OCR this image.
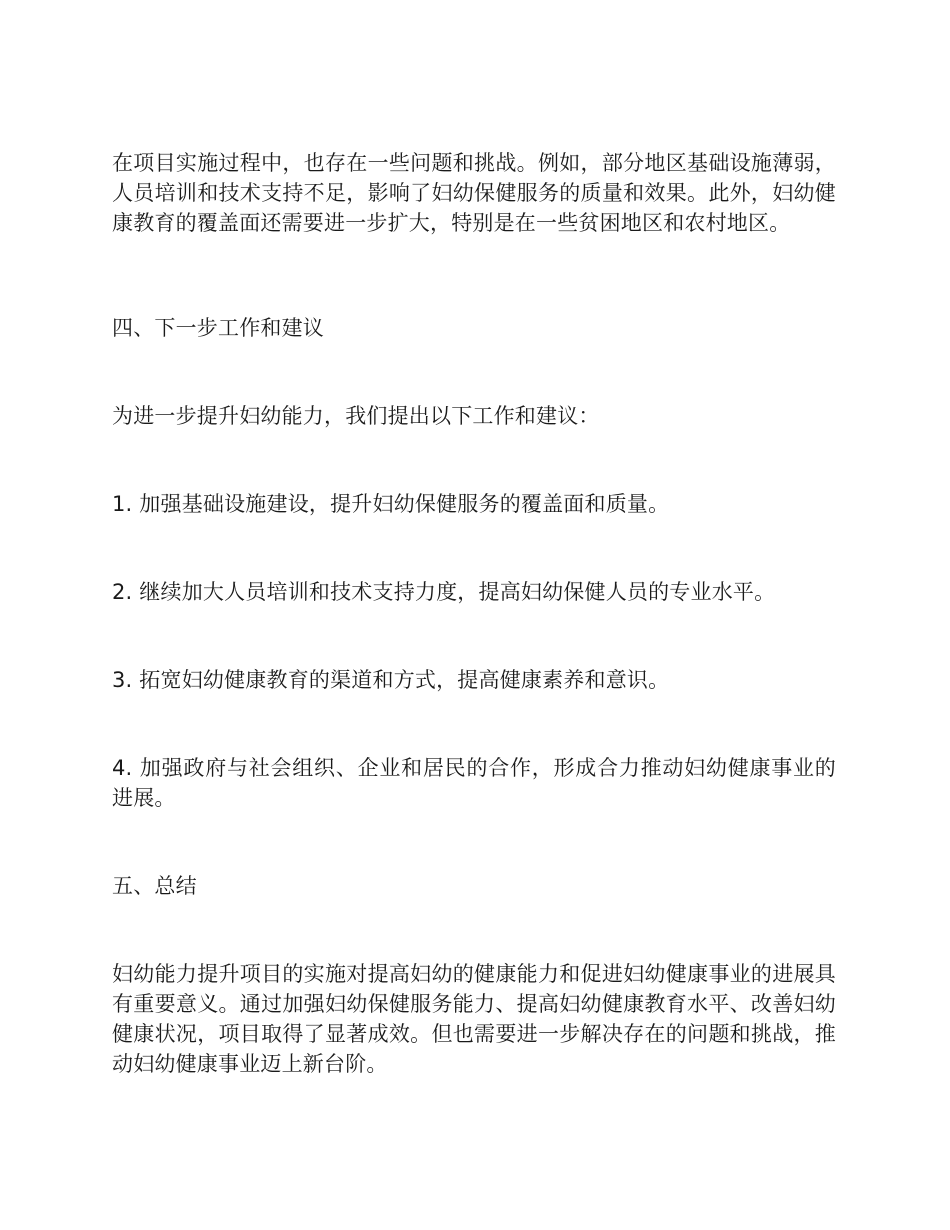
在项目实施过程中，也存在一些问题和挑战。例如，部分地区基础设施薄弱，人员培训和技术支持不足，影响了妇幼保健服务的质量和效果。此外，妇幼健康教育的覆盖面还需要进一步扩大，特别是在一些贫困地区和农村地区。

四、下一步工作和建议

为进一步提升妇幼能力，我们提出以下工作和建议：

1. 加强基础设施建设，提升妇幼保健服务的覆盖面和质量。

2. 继续加大人员培训和技术支持力度，提高妇幼保健人员的专业水平。

3. 拓宽妇幼健康教育的渠道和方式，提高健康素养和意识。

4. 加强政府与社会组织、企业和居民的合作，形成合力推动妇幼健康事业的进展。

五、总结

妇幼能力提升项目的实施对提高妇幼的健康能力和促进妇幼健康事业的进展具有重要意义。通过加强妇幼保健服务能力、提高妇幼健康教育水平、改善妇幼健康状况，项目取得了显著成效。但也需要进一步解决存在的问题和挑战，推动妇幼健康事业迈上新台阶。
